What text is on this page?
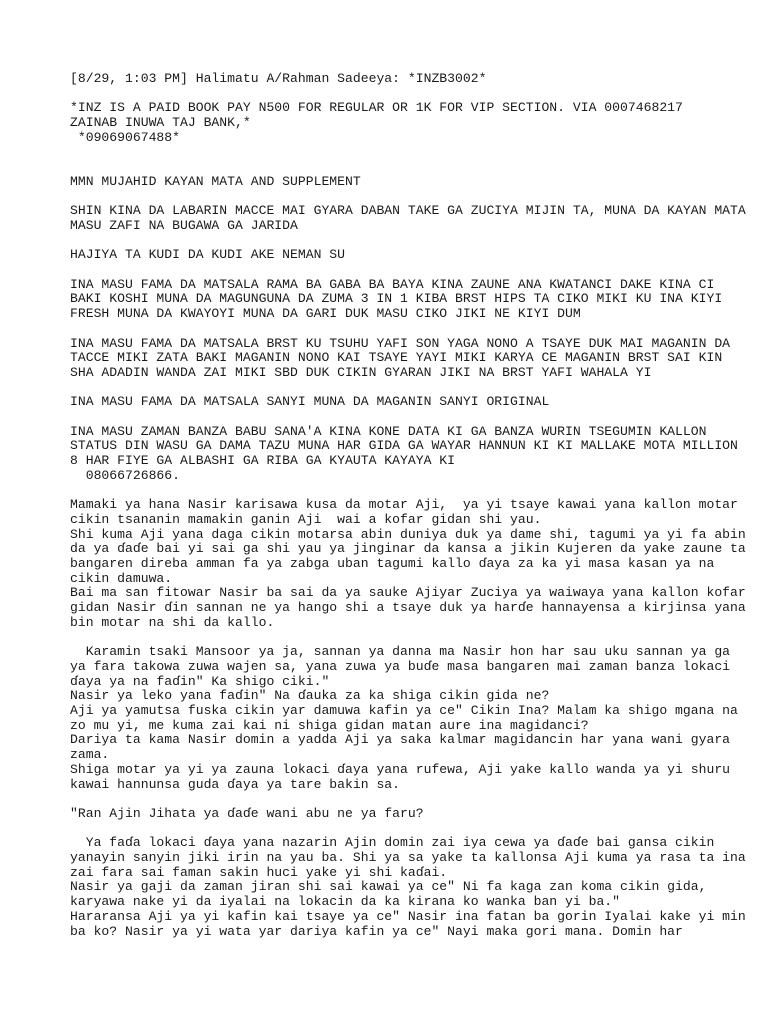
[8/29, 1:03 PM] Halimatu A/Rahman Sadeeya: *INZB3002*
*INZ IS A PAID BOOK PAY N500 FOR REGULAR OR 1K FOR VIP SECTION. VIA 0007468217
ZAINAB INUWA TAJ BANK,*
*09069067488*
MMN MUJAHID KAYAN MATA AND SUPPLEMENT
SHIN KINA DA LABARIN MACCE MAI GYARA DABAN TAKE GA ZUCIYA MIJIN TA, MUNA DA KAYAN MATA MASU ZAFI NA BUGAWA GA JARIDA
HAJIYA TA KUDI DA KUDI AKE NEMAN SU
INA MASU FAMA DA MATSALA RAMA BA GABA BA BAYA KINA ZAUNE ANA KWATANCI DAKE KINA CI BAKI KOSHI MUNA DA MAGUNGUNA DA ZUMA 3 IN 1 KIBA BRST HIPS TA CIKO MIKI KU INA KIYI FRESH MUNA DA KWAYOYI MUNA DA GARI DUK MASU CIKO JIKI NE KIYI DUM
INA MASU FAMA DA MATSALA BRST KU TSUHU YAFI SON YAGA NONO A TSAYE DUK MAI MAGANIN DA TACCE MIKI ZATA BAKI MAGANIN NONO KAI TSAYE YAYI MIKI KARYA CE MAGANIN BRST SAI KIN SHA ADADIN WANDA ZAI MIKI SBD DUK CIKIN GYARAN JIKI NA BRST YAFI WAHALA YI
INA MASU FAMA DA MATSALA SANYI MUNA DA MAGANIN SANYI ORIGINAL
INA MASU ZAMAN BANZA BABU SANA'A KINA KONE DATA KI GA BANZA WURIN TSEGUMIN KALLON STATUS DIN WASU GA DAMA TAZU MUNA HAR GIDA GA WAYAR HANNUN KI KI MALLAKE MOTA MILLION 8 HAR FIYE GA ALBASHI GA RIBA GA KYAUTA KAYAYA KI
08066726866.
Mamaki ya hana Nasir karisawa kusa da motar Aji,  ya yi tsaye kawai yana kallon motar cikin tsananin mamakin ganin Aji  wai a kofar gidan shi yau.
Shi kuma Aji yana daga cikin motarsa abin duniya duk ya dame shi, tagumi ya yi fa abin da ya ɗaɗe bai yi sai ga shi yau ya jinginar da kansa a jikin Kujeren da yake zaune ta bangaren direba amman fa ya zabga uban tagumi kallo ɗaya za ka yi masa kasan ya na cikin damuwa.
Bai ma san fitowar Nasir ba sai da ya sauke Ajiyar Zuciya ya waiwaya yana kallon kofar gidan Nasir ɗin sannan ne ya hango shi a tsaye duk ya harɗe hannayensa a kirjinsa yana bin motar na shi da kallo.
Karamin tsaki Mansoor ya ja, sannan ya danna ma Nasir hon har sau uku sannan ya ga ya fara takowa zuwa wajen sa, yana zuwa ya buɗe masa bangaren mai zaman banza lokaci ɗaya ya na faɗin" Ka shigo ciki."
Nasir ya leko yana faɗin" Na ɗauka za ka shiga cikin gida ne?
Aji ya yamutsa fuska cikin yar damuwa kafin ya ce" Cikin Ina? Malam ka shigo mgana na zo mu yi, me kuma zai kai ni shiga gidan matan aure ina magidanci?
Dariya ta kama Nasir domin a yadda Aji ya saka kalmar magidancin har yana wani gyara zama.
Shiga motar ya yi ya zauna lokaci ɗaya yana rufewa, Aji yake kallo wanda ya yi shuru kawai hannunsa guda ɗaya ya tare bakin sa.
"Ran Ajin Jihata ya ɗaɗe wani abu ne ya faru?
Ya faɗa lokaci ɗaya yana nazarin Ajin domin zai iya cewa ya ɗaɗe bai gansa cikin yanayin sanyin jiki irin na yau ba. Shi ya sa yake ta kallonsa Aji kuma ya rasa ta ina zai fara sai faman sakin huci yake yi shi kaɗai.
Nasir ya gaji da zaman jiran shi sai kawai ya ce" Ni fa kaga zan koma cikin gida, karyawa nake yi da iyalai na lokacin da ka kirana ko wanka ban yi ba."
Hararansa Aji ya yi kafin kai tsaye ya ce" Nasir ina fatan ba gorin Iyalai kake yi min ba ko? Nasir ya yi wata yar dariya kafin ya ce" Nayi maka gori mana. Domin har
